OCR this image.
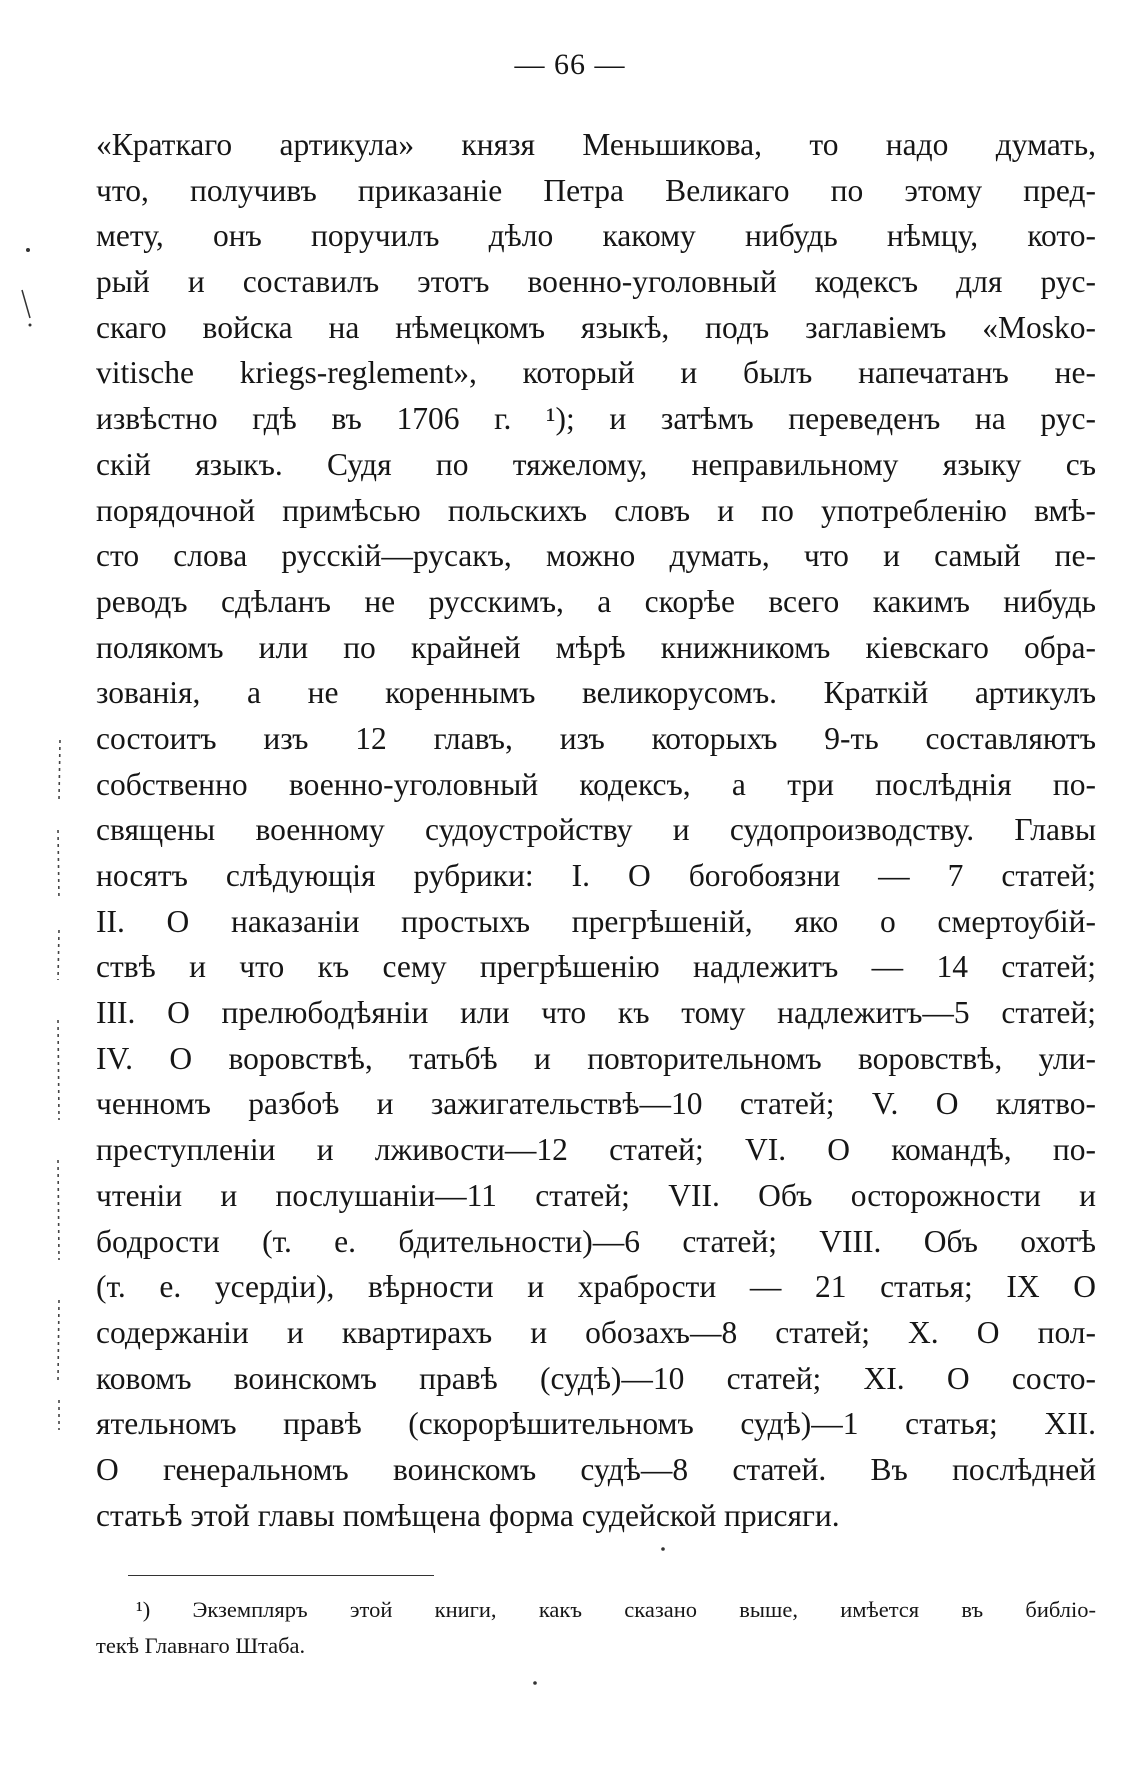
— 66 —
«Краткаго артикула» князя Меньшикова, то надо думать,
что, получивъ приказаніе Петра Великаго по этому пред-
мету, онъ поручилъ дѣло какому нибудь нѣмцу, кото-
рый и составилъ этотъ военно-уголовный кодексъ для рус-
скаго войска на нѣмецкомъ языкѣ, подъ заглавіемъ «Mosko-
vitische kriegs-reglement», который и былъ напечатанъ не-
извѣстно гдѣ въ 1706 г. ¹); и затѣмъ переведенъ на рус-
скій языкъ. Судя по тяжелому, неправильному языку съ
порядочной примѣсью польскихъ словъ и по употребленію вмѣ-
сто слова русскій—русакъ, можно думать, что и самый пе-
реводъ сдѣланъ не русскимъ, а скорѣе всего какимъ нибудь
полякомъ или по крайней мѣрѣ книжникомъ кіевскаго обра-
зованія, а не кореннымъ великорусомъ. Краткій артикулъ
состоитъ изъ 12 главъ, изъ которыхъ 9-ть составляютъ
собственно военно-уголовный кодексъ, а три послѣднія по-
священы военному судоустройству и судопроизводству. Главы
носятъ слѣдующія рубрики: І. О богобоязни — 7 статей;
II. О наказаніи простыхъ прегрѣшеній, яко о смертоубій-
ствѣ и что къ сему прегрѣшенію надлежитъ — 14 статей;
III. О прелюбодѣяніи или что къ тому надлежитъ—5 статей;
IV. О воровствѣ, татьбѣ и повторительномъ воровствѣ, ули-
ченномъ разбоѣ и зажигательствѣ—10 статей; V. О клятво-
преступленіи и лживости—12 статей; VI. О командѣ, по-
чтеніи и послушаніи—11 статей; VII. Объ осторожности и
бодрости (т. е. бдительности)—6 статей; VIII. Объ охотѣ
(т. е. усердіи), вѣрности и храбрости — 21 статья; IX О
содержаніи и квартирахъ и обозахъ—8 статей; X. О пол-
ковомъ воинскомъ правѣ (судѣ)—10 статей; XI. О состо-
ятельномъ правѣ (скорорѣшительномъ судѣ)—1 статья; XII.
О генеральномъ воинскомъ судѣ—8 статей. Въ послѣдней
статьѣ этой главы помѣщена форма судейской присяги.
¹) Экземпляръ этой книги, какъ сказано выше, имѣется въ библіо-
текѣ Главнаго Штаба.
